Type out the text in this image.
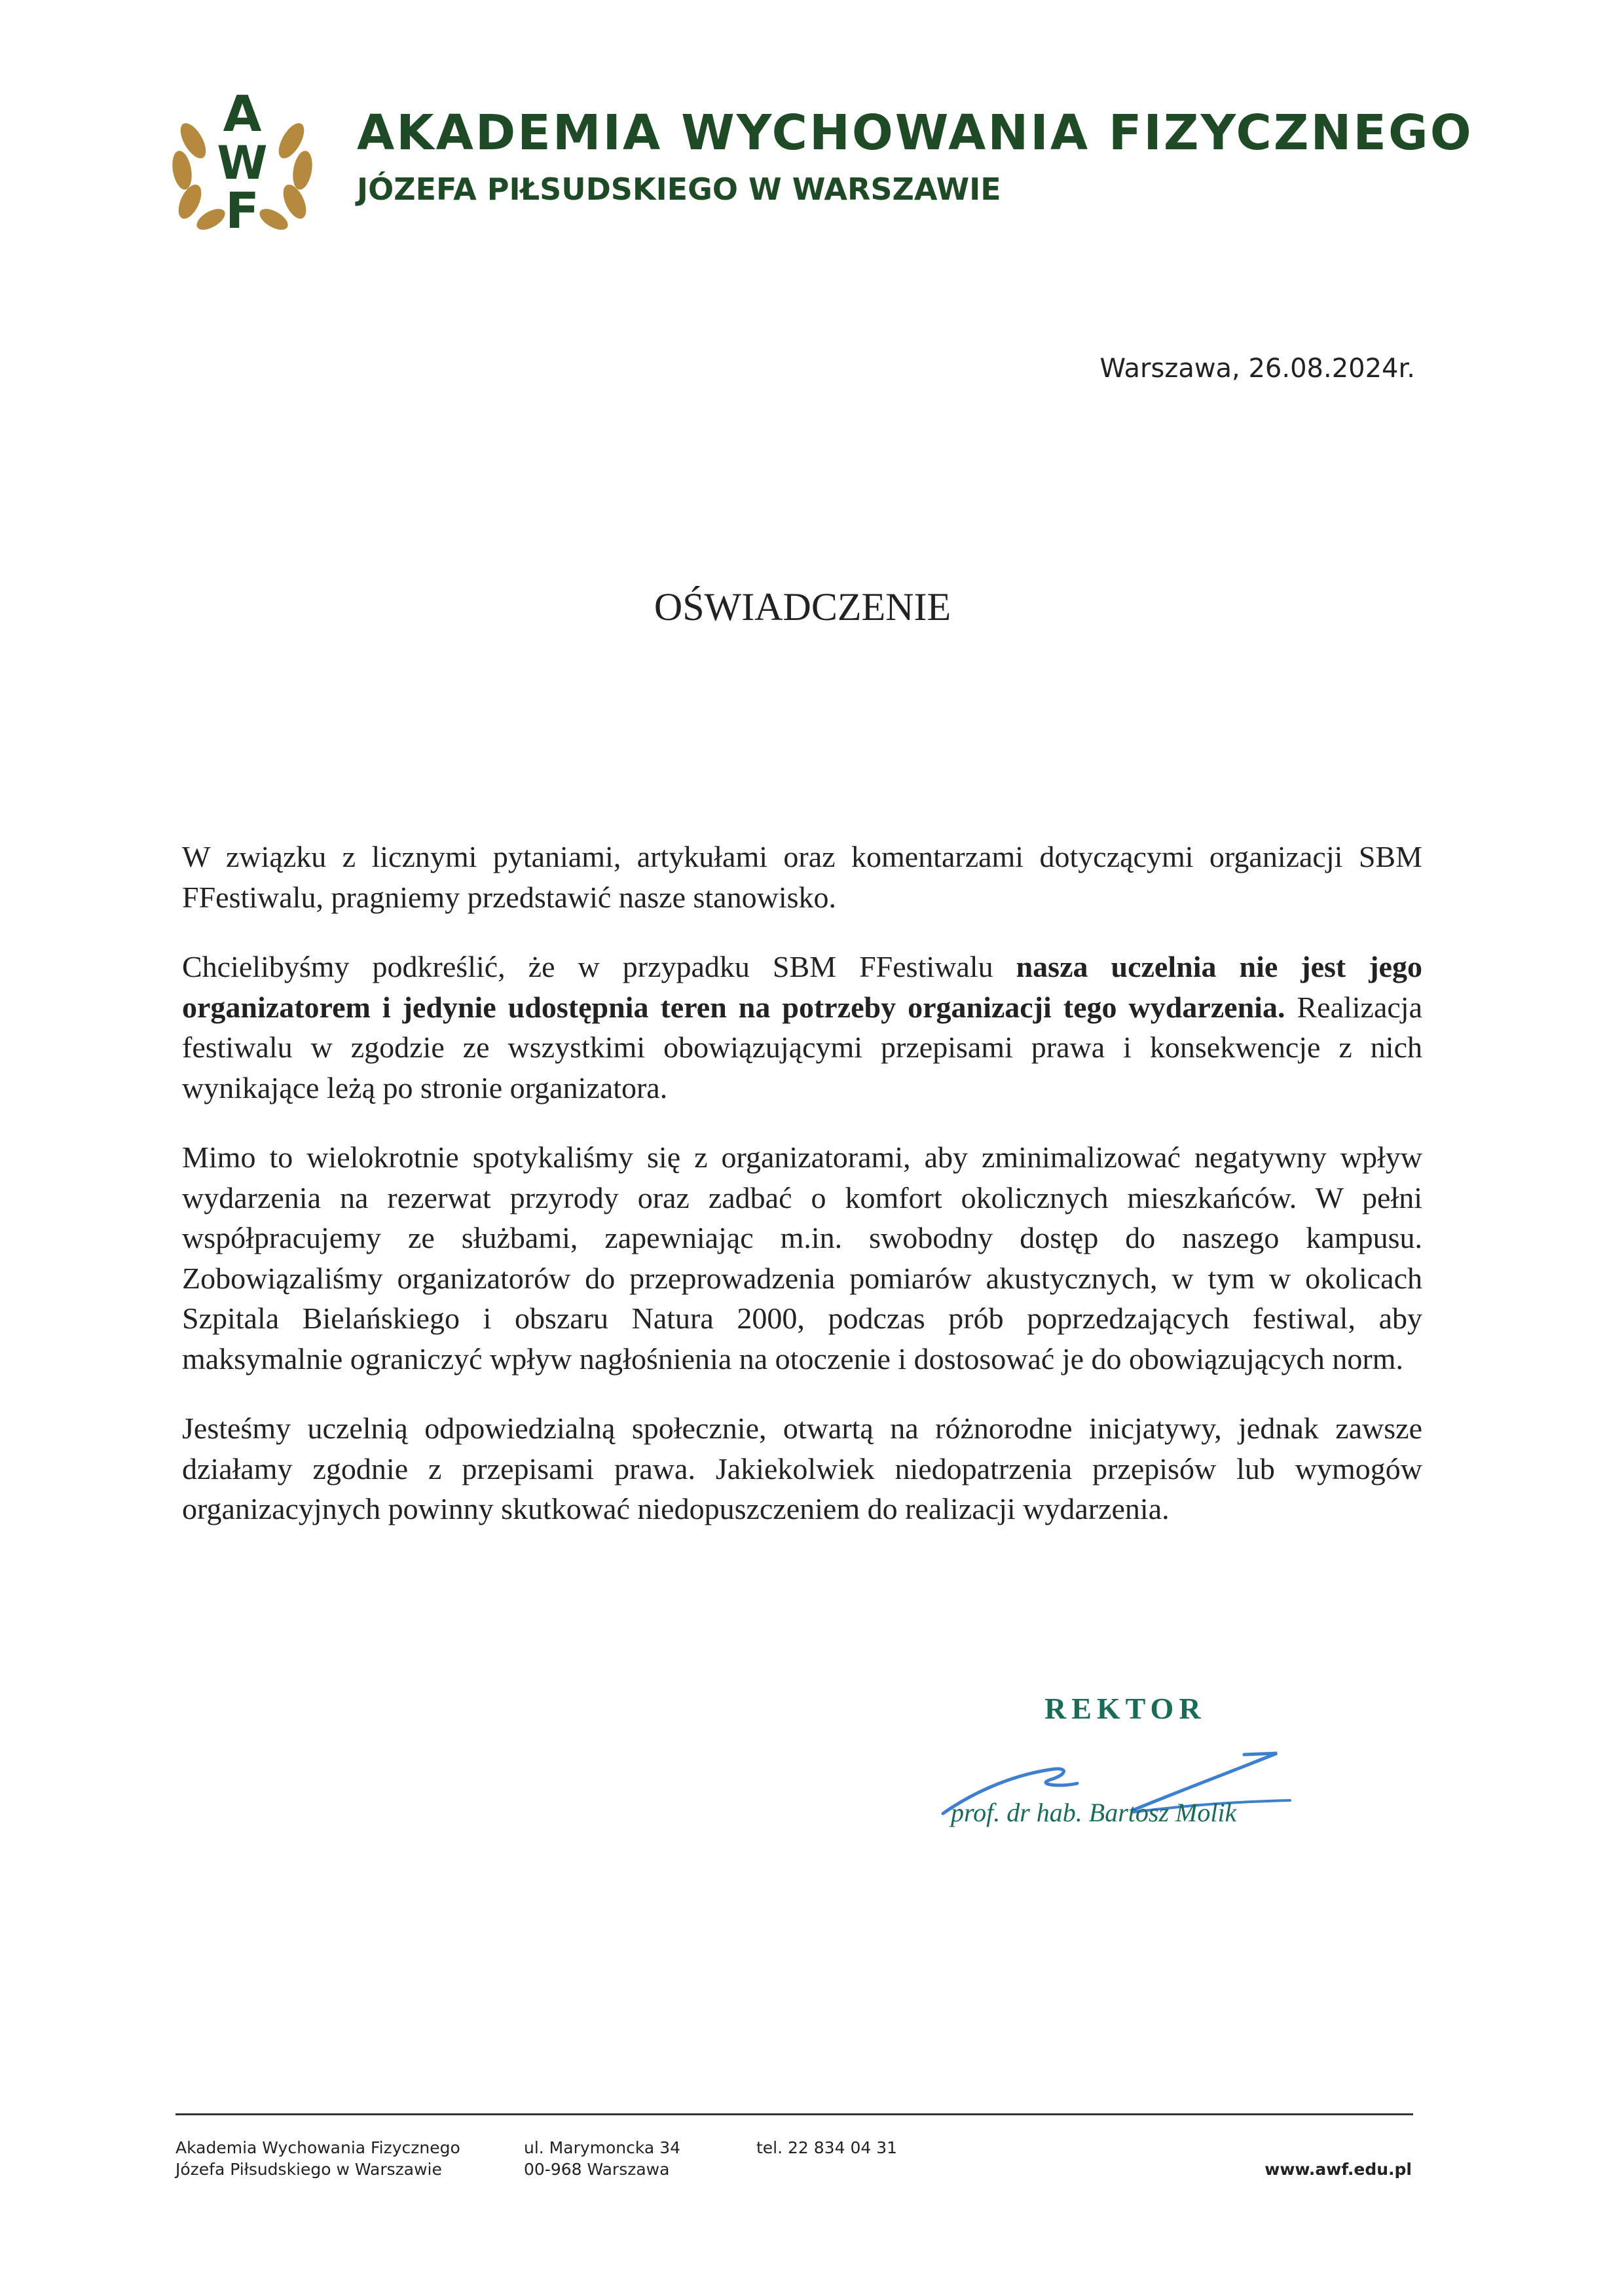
A
W
F
AKADEMIA WYCHOWANIA FIZYCZNEGO
JÓZEFA PIŁSUDSKIEGO W WARSZAWIE
Warszawa, 26.08.2024r.
OŚWIADCZENIE

W związku z licznymi pytaniami, artykułami oraz komentarzami dotyczącymi organizacji SBM FFestiwalu, pragniemy przedstawić nasze stanowisko.

Chcielibyśmy podkreślić, że w przypadku SBM FFestiwalu nasza uczelnia nie jest jego organizatorem i jedynie udostępnia teren na potrzeby organizacji tego wydarzenia. Realizacja festiwalu w zgodzie ze wszystkimi obowiązującymi przepisami prawa i konsekwencje z nich wynikające leżą po stronie organizatora.

Mimo to wielokrotnie spotykaliśmy się z organizatorami, aby zminimalizować negatywny wpływ wydarzenia na rezerwat przyrody oraz zadbać o komfort okolicznych mieszkańców. W pełni współpracujemy ze służbami, zapewniając m.in. swobodny dostęp do naszego kampusu. Zobowiązaliśmy organizatorów do przeprowadzenia pomiarów akustycznych, w tym w okolicach Szpitala Bielańskiego i obszaru Natura 2000, podczas prób poprzedzających festiwal, aby maksymalnie ograniczyć wpływ nagłośnienia na otoczenie i dostosować je do obowiązujących norm.

Jesteśmy uczelnią odpowiedzialną społecznie, otwartą na różnorodne inicjatywy, jednak zawsze działamy zgodnie z przepisami prawa. Jakiekolwiek niedopatrzenia przepisów lub wymogów organizacyjnych powinny skutkować niedopuszczeniem do realizacji wydarzenia.

REKTOR
prof. dr hab. Bartosz Molik
Akademia Wychowania Fizycznego
Józefa Piłsudskiego w Warszawie
ul. Marymoncka 34
00-968 Warszawa
tel. 22 834 04 31
www.awf.edu.pl
